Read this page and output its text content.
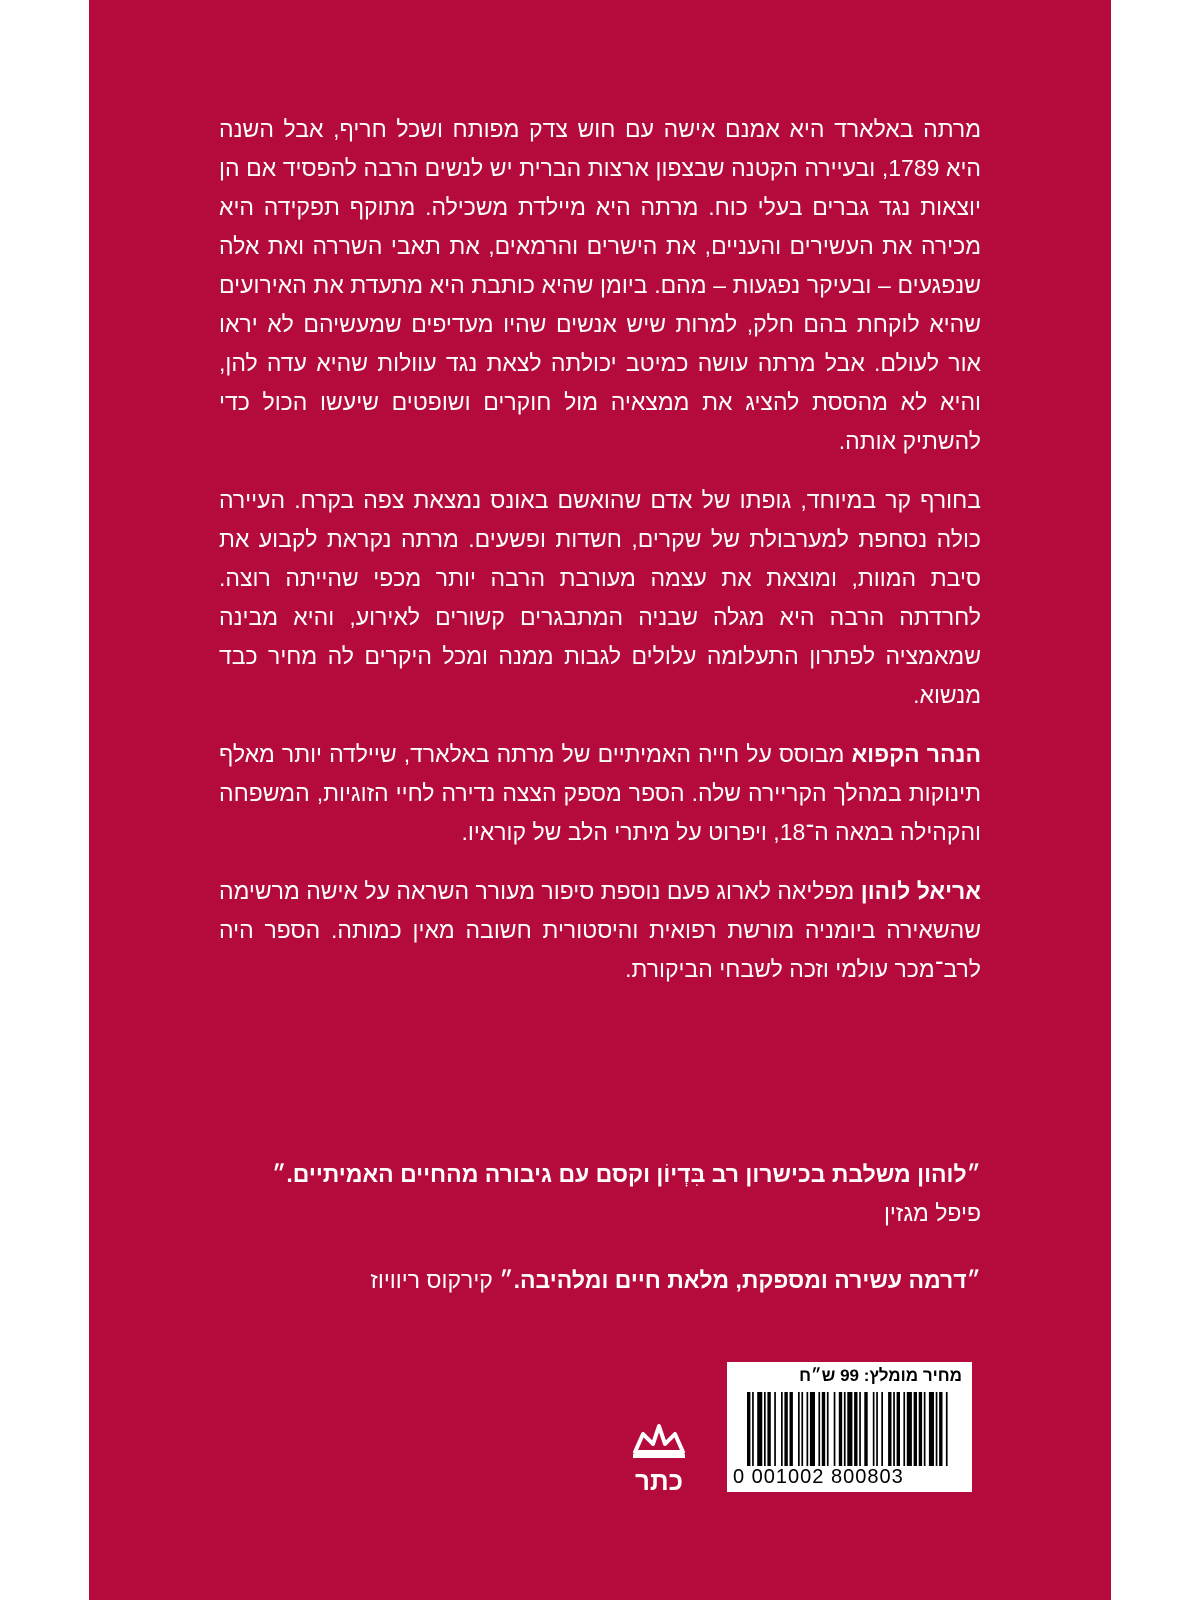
מרתה באלארד היא אמנם אישה עם חוש צדק מפותח ושכל חריף, אבל השנה היא 1789, ובעיירה הקטנה שבצפון ארצות הברית יש לנשים הרבה להפסיד אם הן יוצאות נגד גברים בעלי כוח. מרתה היא מיילדת משכילה. מתוקף תפקידה היא מכירה את העשירים והעניים, את הישרים והרמאים, את תאבי השררה ואת אלה שנפגעים – ובעיקר נפגעות – מהם. ביומן שהיא כותבת היא מתעדת את האירועים שהיא לוקחת בהם חלק, למרות שיש אנשים שהיו מעדיפים שמעשיהם לא יראו אור לעולם. אבל מרתה עושה כמיטב יכולתה לצאת נגד עוולות שהיא עדה להן, והיא לא מהססת להציג את ממצאיה מול חוקרים ושופטים שיעשו הכול כדי להשתיק אותה.

בחורף קר במיוחד, גופתו של אדם שהואשם באונס נמצאת צפה בקרח. העיירה כולה נסחפת למערבולת של שקרים, חשדות ופשעים. מרתה נקראת לקבוע את סיבת המוות, ומוצאת את עצמה מעורבת הרבה יותר מכפי שהייתה רוצה. לחרדתה הרבה היא מגלה שבניה המתבגרים קשורים לאירוע, והיא מבינה שמאמציה לפתרון התעלומה עלולים לגבות ממנה ומכל היקרים לה מחיר כבד מנשוא.

הנהר הקפוא מבוסס על חייה האמיתיים של מרתה באלארד, שיילדה יותר מאלף תינוקות במהלך הקריירה שלה. הספר מספק הצצה נדירה לחיי הזוגיות, המשפחה והקהילה במאה ה־18, ויפרוט על מיתרי הלב של קוראיו.

אריאל לוהון מפליאה לארוג פעם נוספת סיפור מעורר השראה על אישה מרשימה שהשאירה ביומניה מורשת רפואית והיסטורית חשובה מאין כמותה. הספר היה לרב־מכר עולמי וזכה לשבחי הביקורת.

״לוהון משלבת בכישרון רב בִּדְיוֹן וקסם עם גיבורה מהחיים האמיתיים.״

פיפל מגזין

״דרמה עשירה ומספקת, מלאת חיים ומלהיבה.״ קירקוס ריוויוז

כתר
מחיר מומלץ: 99 ש״ח
0 001002 800803
